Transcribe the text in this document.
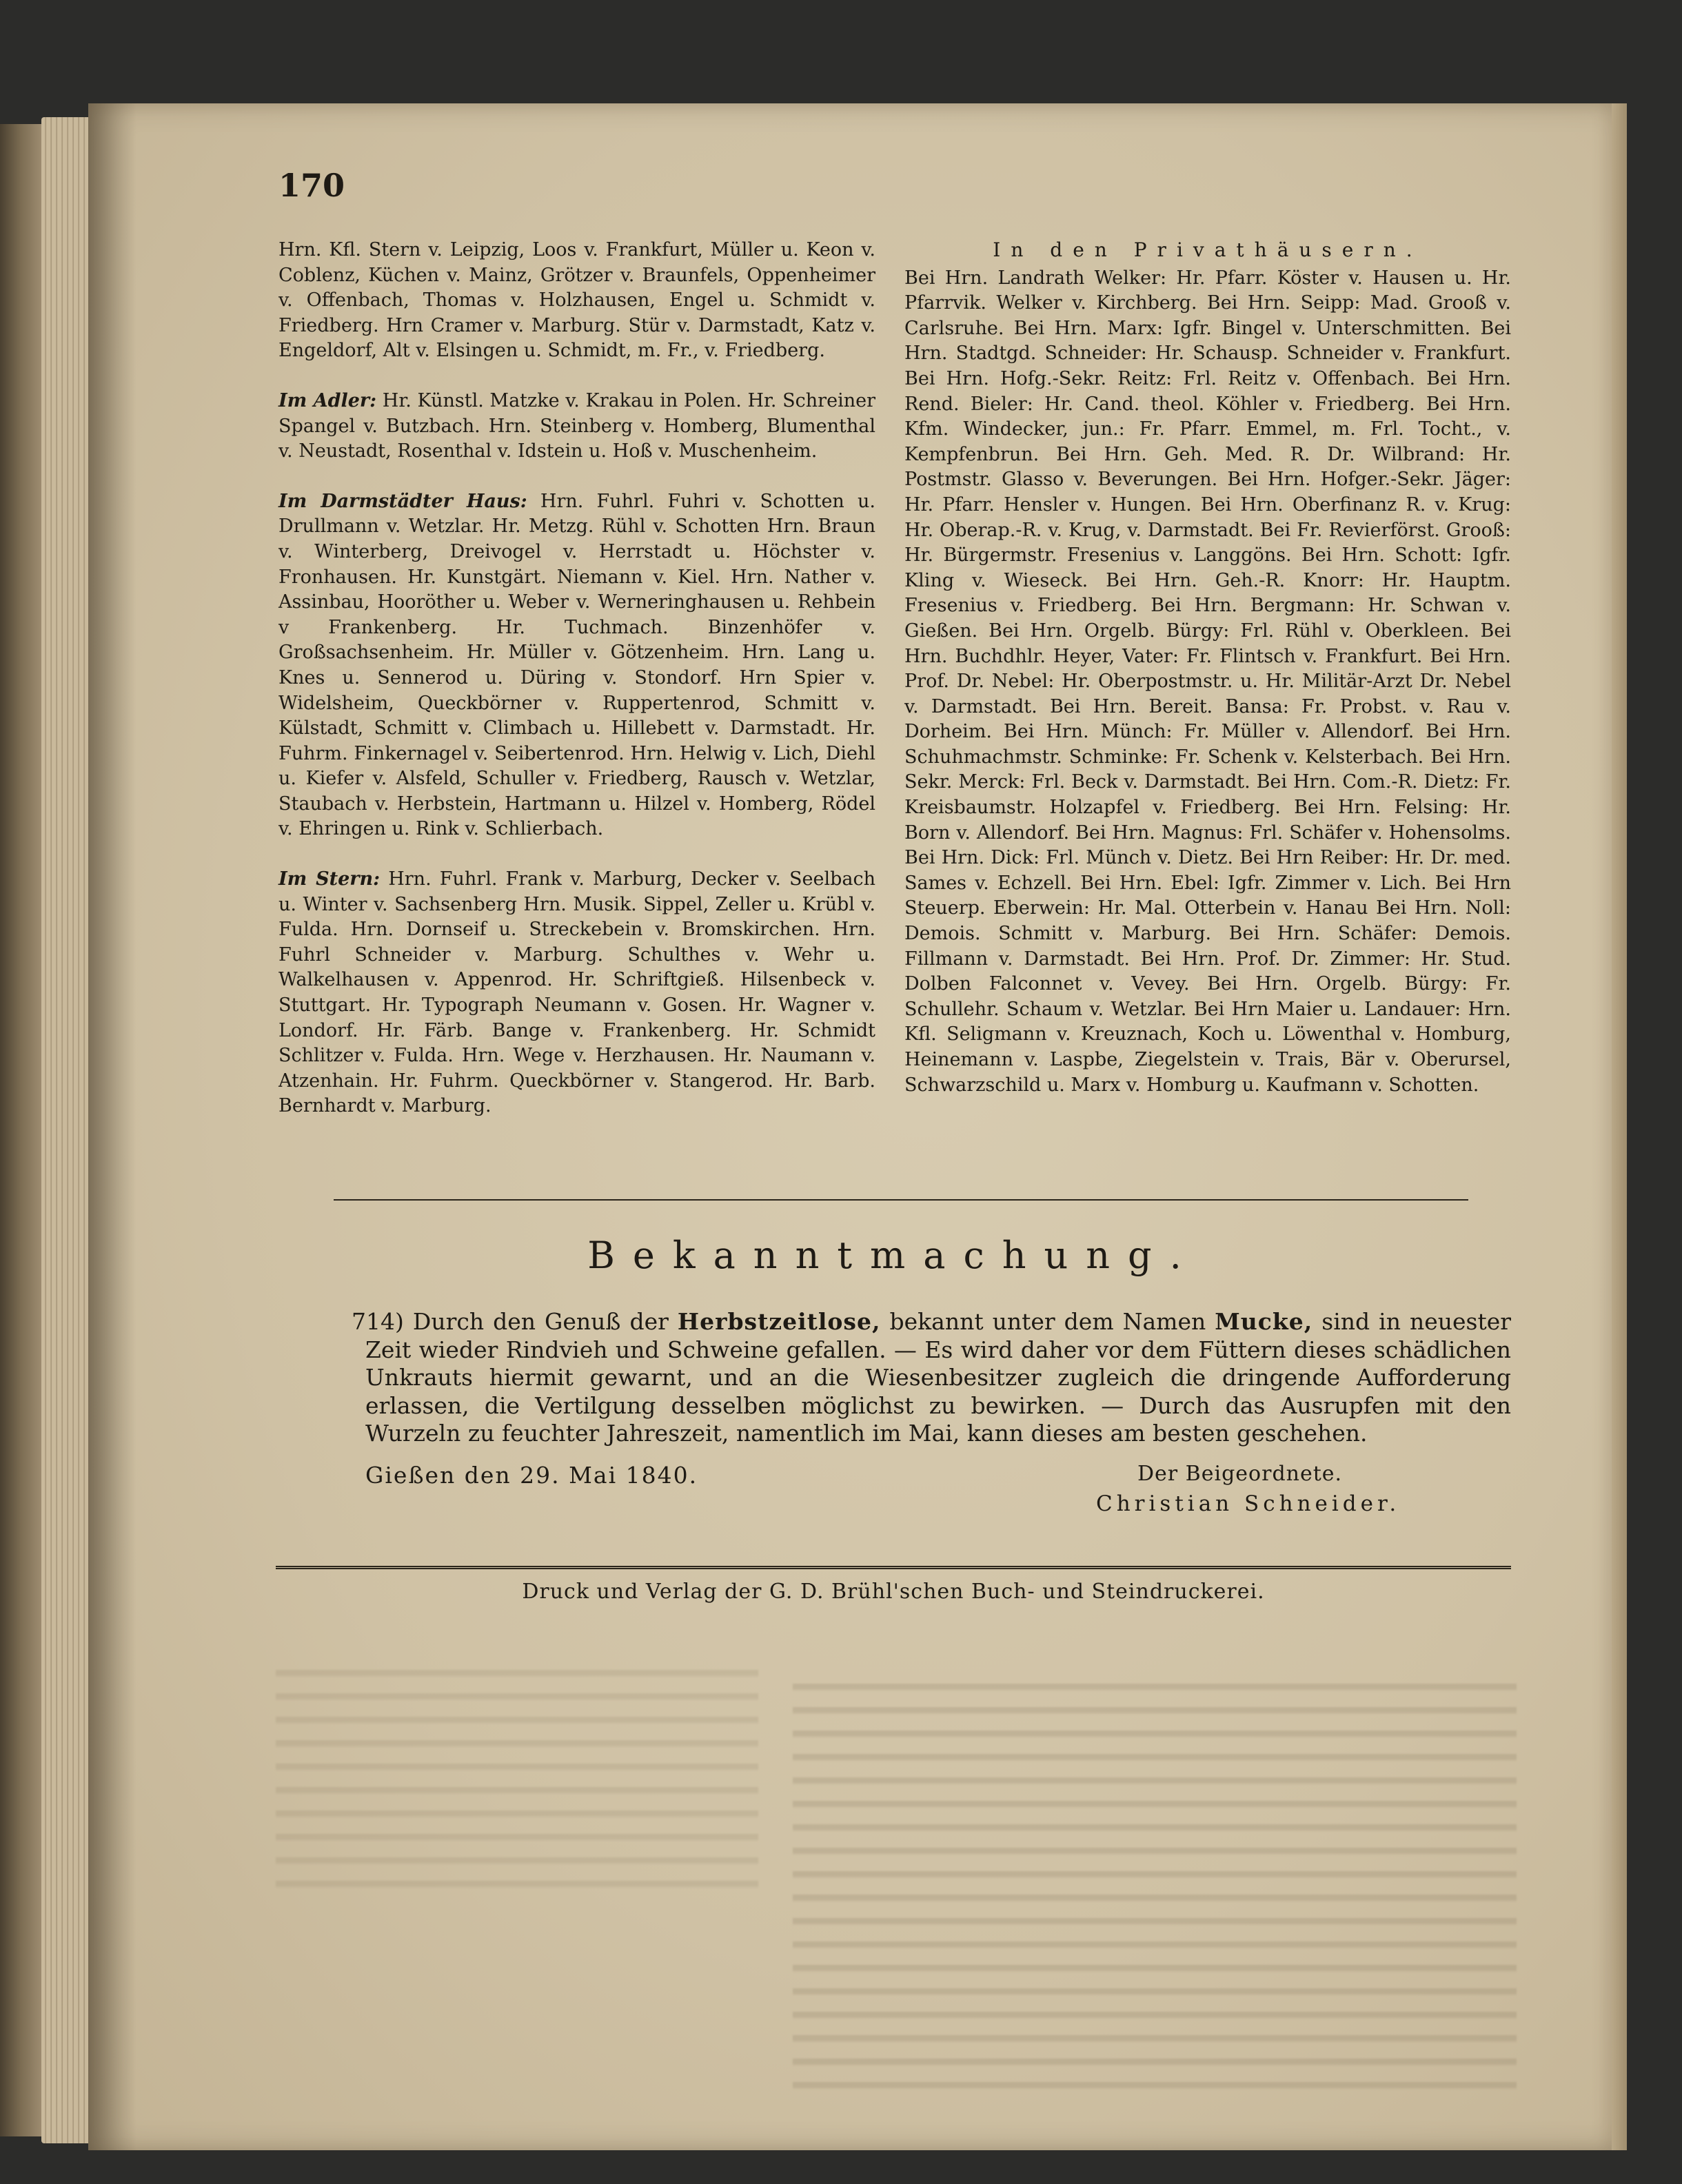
170

Hrn. Kfl. Stern v. Leipzig, Loos v. Frankfurt, Müller u. Keon v. Coblenz, Küchen v. Mainz, Grötzer v. Braunfels, Oppenheimer v. Offenbach, Thomas v. Holzhausen, Engel u. Schmidt v. Friedberg. Hrn Cramer v. Marburg. Stür v. Darmstadt, Katz v. Engeldorf, Alt v. Elsingen u. Schmidt, m. Fr., v. Friedberg.

Im Adler: Hr. Künstl. Matzke v. Krakau in Polen. Hr. Schreiner Spangel v. Butzbach. Hrn. Steinberg v. Homberg, Blumenthal v. Neustadt, Rosenthal v. Idstein u. Hoß v. Muschenheim.

Im Darmstädter Haus: Hrn. Fuhrl. Fuhri v. Schotten u. Drullmann v. Wetzlar. Hr. Metzg. Rühl v. Schotten Hrn. Braun v. Winterberg, Dreivogel v. Herrstadt u. Höchster v. Fronhausen. Hr. Kunstgärt. Niemann v. Kiel. Hrn. Nather v. Assinbau, Hooröther u. Weber v. Werneringhausen u. Rehbein v Frankenberg. Hr. Tuchmach. Binzenhöfer v. Großsachsenheim. Hr. Müller v. Götzenheim. Hrn. Lang u. Knes u. Sennerod u. Düring v. Stondorf. Hrn Spier v. Widelsheim, Queckbörner v. Ruppertenrod, Schmitt v. Külstadt, Schmitt v. Climbach u. Hillebett v. Darmstadt. Hr. Fuhrm. Finkernagel v. Seibertenrod. Hrn. Helwig v. Lich, Diehl u. Kiefer v. Alsfeld, Schuller v. Friedberg, Rausch v. Wetzlar, Staubach v. Herbstein, Hartmann u. Hilzel v. Homberg, Rödel v. Ehringen u. Rink v. Schlierbach.

Im Stern: Hrn. Fuhrl. Frank v. Marburg, Decker v. Seelbach u. Winter v. Sachsenberg Hrn. Musik. Sippel, Zeller u. Krübl v. Fulda. Hrn. Dornseif u. Streckebein v. Bromskirchen. Hrn. Fuhrl Schneider v. Marburg. Schulthes v. Wehr u. Walkelhausen v. Appenrod. Hr. Schriftgieß. Hilsenbeck v. Stuttgart. Hr. Typograph Neumann v. Gosen. Hr. Wagner v. Londorf. Hr. Färb. Bange v. Frankenberg. Hr. Schmidt Schlitzer v. Fulda. Hrn. Wege v. Herzhausen. Hr. Naumann v. Atzenhain. Hr. Fuhrm. Queckbörner v. Stangerod. Hr. Barb. Bernhardt v. Marburg.

In den Privathäusern.

Bei Hrn. Landrath Welker: Hr. Pfarr. Köster v. Hausen u. Hr. Pfarrvik. Welker v. Kirchberg. Bei Hrn. Seipp: Mad. Grooß v. Carlsruhe. Bei Hrn. Marx: Igfr. Bingel v. Unterschmitten. Bei Hrn. Stadtgd. Schneider: Hr. Schausp. Schneider v. Frankfurt. Bei Hrn. Hofg.-Sekr. Reitz: Frl. Reitz v. Offenbach. Bei Hrn. Rend. Bieler: Hr. Cand. theol. Köhler v. Friedberg. Bei Hrn. Kfm. Windecker, jun.: Fr. Pfarr. Emmel, m. Frl. Tocht., v. Kempfenbrun. Bei Hrn. Geh. Med. R. Dr. Wilbrand: Hr. Postmstr. Glasso v. Beverungen. Bei Hrn. Hofger.-Sekr. Jäger: Hr. Pfarr. Hensler v. Hungen. Bei Hrn. Oberfinanz R. v. Krug: Hr. Oberap.-R. v. Krug, v. Darmstadt. Bei Fr. Revierförst. Grooß: Hr. Bürgermstr. Fresenius v. Langgöns. Bei Hrn. Schott: Igfr. Kling v. Wieseck. Bei Hrn. Geh.-R. Knorr: Hr. Hauptm. Fresenius v. Friedberg. Bei Hrn. Bergmann: Hr. Schwan v. Gießen. Bei Hrn. Orgelb. Bürgy: Frl. Rühl v. Oberkleen. Bei Hrn. Buchdhlr. Heyer, Vater: Fr. Flintsch v. Frankfurt. Bei Hrn. Prof. Dr. Nebel: Hr. Oberpostmstr. u. Hr. Militär-Arzt Dr. Nebel v. Darmstadt. Bei Hrn. Bereit. Bansa: Fr. Probst. v. Rau v. Dorheim. Bei Hrn. Münch: Fr. Müller v. Allendorf. Bei Hrn. Schuhmachmstr. Schminke: Fr. Schenk v. Kelsterbach. Bei Hrn. Sekr. Merck: Frl. Beck v. Darmstadt. Bei Hrn. Com.-R. Dietz: Fr. Kreisbaumstr. Holzapfel v. Friedberg. Bei Hrn. Felsing: Hr. Born v. Allendorf. Bei Hrn. Magnus: Frl. Schäfer v. Hohensolms. Bei Hrn. Dick: Frl. Münch v. Dietz. Bei Hrn Reiber: Hr. Dr. med. Sames v. Echzell. Bei Hrn. Ebel: Igfr. Zimmer v. Lich. Bei Hrn Steuerp. Eberwein: Hr. Mal. Otterbein v. Hanau Bei Hrn. Noll: Demois. Schmitt v. Marburg. Bei Hrn. Schäfer: Demois. Fillmann v. Darmstadt. Bei Hrn. Prof. Dr. Zimmer: Hr. Stud. Dolben Falconnet v. Vevey. Bei Hrn. Orgelb. Bürgy: Fr. Schullehr. Schaum v. Wetzlar. Bei Hrn Maier u. Landauer: Hrn. Kfl. Seligmann v. Kreuznach, Koch u. Löwenthal v. Homburg, Heinemann v. Laspbe, Ziegelstein v. Trais, Bär v. Oberursel, Schwarzschild u. Marx v. Homburg u. Kaufmann v. Schotten.

Bekanntmachung.
714) Durch den Genuß der Herbstzeitlose, bekannt unter dem Namen Mucke, sind in neuester Zeit wieder Rindvieh und Schweine gefallen. — Es wird daher vor dem Füttern dieses schädlichen Unkrauts hiermit gewarnt, und an die Wiesenbesitzer zugleich die dringende Aufforderung erlassen, die Vertilgung desselben möglichst zu bewirken. — Durch das Ausrupfen mit den Wurzeln zu feuchter Jahreszeit, namentlich im Mai, kann dieses am besten geschehen.
Gießen den 29. Mai 1840.	Der Beigeordnete.
Christian Schneider.
Druck und Verlag der G. D. Brühl'schen Buch- und Steindruckerei.
